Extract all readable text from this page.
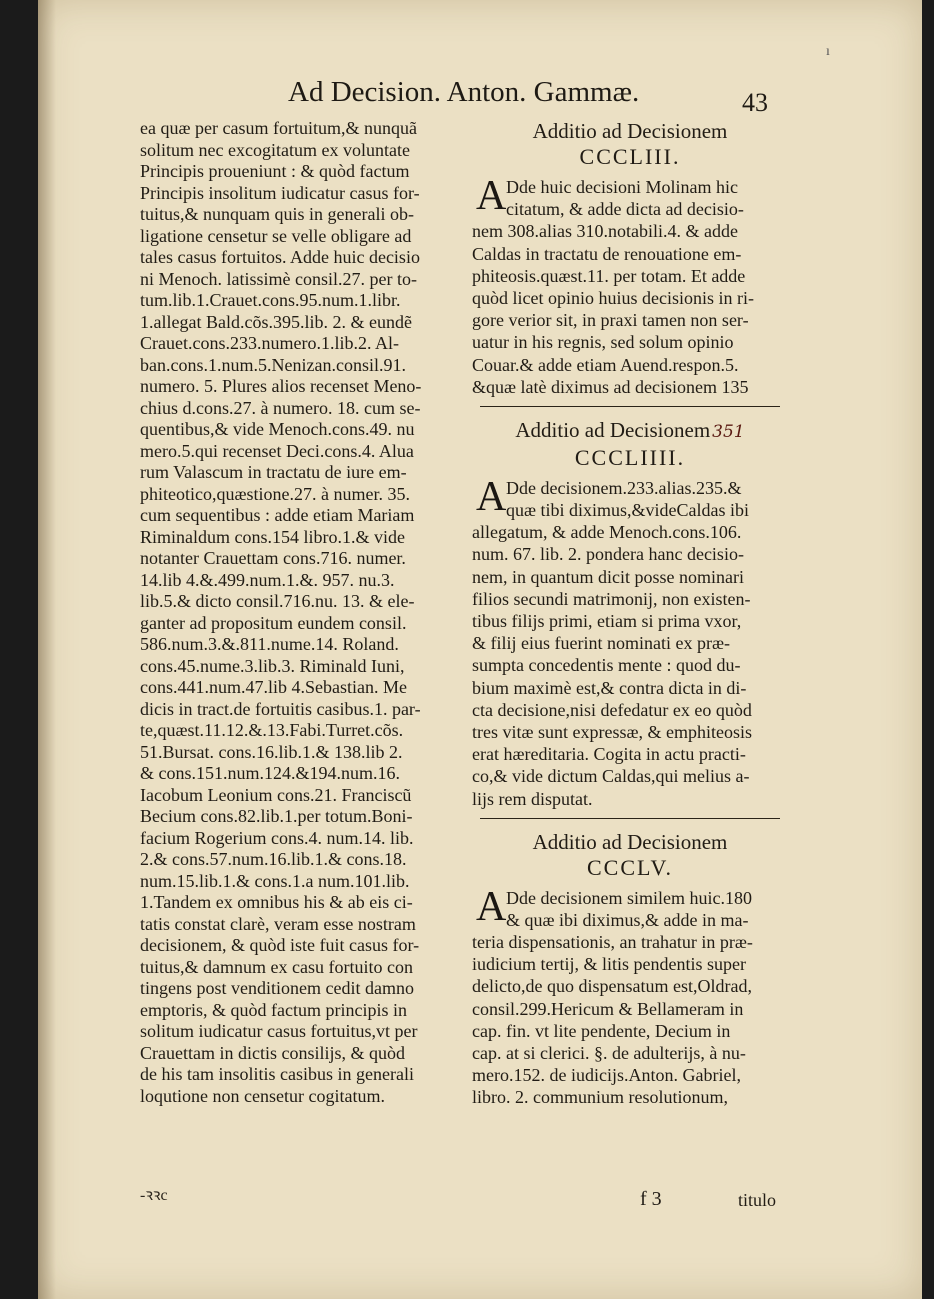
ı
Ad Decision. Anton. Gammæ.	43
ea quæ per casum fortuitum,& nunquã
solitum nec excogitatum ex voluntate
Principis proueniunt : & quòd factum
Principis insolitum iudicatur casus for-
tuitus,& nunquam quis in generali ob-
ligatione censetur se velle obligare ad
tales casus fortuitos. Adde huic decisio
ni Menoch. latissimè consil.27. per to-
tum.lib.1.Crauet.cons.95.num.1.libr.
1.allegat Bald.cõs.395.lib. 2. & eundẽ
Crauet.cons.233.numero.1.lib.2. Al-
ban.cons.1.num.5.Nenizan.consil.91.
numero. 5. Plures alios recenset Meno-
chius d.cons.27. à numero. 18. cum se-
quentibus,& vide Menoch.cons.49. nu
mero.5.qui recenset Deci.cons.4. Alua
rum Valascum in tractatu de iure em-
phiteotico,quæstione.27. à numer. 35.
cum sequentibus : adde etiam Mariam
Riminaldum cons.154 libro.1.& vide
notanter Crauettam cons.716. numer.
14.lib 4.&.499.num.1.&. 957. nu.3.
lib.5.& dicto consil.716.nu. 13. & ele-
ganter ad propositum eundem consil.
586.num.3.&.811.nume.14. Roland.
cons.45.nume.3.lib.3. Riminald Iuni,
cons.441.num.47.lib 4.Sebastian. Me
dicis in tract.de fortuitis casibus.1. par-
te,quæst.11.12.&.13.Fabi.Turret.cõs.
51.Bursat. cons.16.lib.1.& 138.lib 2.
& cons.151.num.124.&194.num.16.
Iacobum Leonium cons.21. Franciscũ
Becium cons.82.lib.1.per totum.Boni-
facium Rogerium cons.4. num.14. lib.
2.& cons.57.num.16.lib.1.& cons.18.
num.15.lib.1.& cons.1.a num.101.lib.
1.Tandem ex omnibus his & ab eis ci-
tatis constat clarè, veram esse nostram
decisionem, & quòd iste fuit casus for-
tuitus,& damnum ex casu fortuito con
tingens post venditionem cedit damno
emptoris, & quòd factum principis in
solitum iudicatur casus fortuitus,vt per
Crauettam in dictis consilijs, & quòd
de his tam insolitis casibus in generali
loqutione non censetur cogitatum.
Additio ad Decisionem
CCCLIII.
A Dde huic decisioni Molinam hic
citatum, & adde dicta ad decisio-
nem 308.alias 310.notabili.4. & adde
Caldas in tractatu de renouatione em-
phiteosis.quæst.11. per totam. Et adde
quòd licet opinio huius decisionis in ri-
gore verior sit, in praxi tamen non ser-
uatur in his regnis, sed solum opinio
Couar.& adde etiam Auend.respon.5.
&quæ latè diximus ad decisionem 135
Additio ad Decisionem 351
CCCLIIII.
A Dde decisionem.233.alias.235.&
quæ tibi diximus,&videCaldas ibi
allegatum, & adde Menoch.cons.106.
num. 67. lib. 2. pondera hanc decisio-
nem, in quantum dicit posse nominari
filios secundi matrimonij, non existen-
tibus filijs primi, etiam si prima vxor,
& filij eius fuerint nominati ex præ-
sumpta concedentis mente : quod du-
bium maximè est,& contra dicta in di-
cta decisione,nisi defedatur ex eo quòd
tres vitæ sunt expressæ, & emphiteosis
erat hæreditaria. Cogita in actu practi-
co,& vide dictum Caldas,qui melius a-
lijs rem disputat.
Additio ad Decisionem
CCCLV.
A Dde decisionem similem huic.180
& quæ ibi diximus,& adde in ma-
teria dispensationis, an trahatur in præ-
iudicium tertij, & litis pendentis super
delicto,de quo dispensatum est,Oldrad,
consil.299.Hericum & Bellameram in
cap. fin. vt lite pendente, Decium in
cap. at si clerici. §. de adulterijs, à nu-
mero.152. de iudicijs.Anton. Gabriel,
libro. 2. communium resolutionum,
-ꝛꝛc	f 3	titulo
